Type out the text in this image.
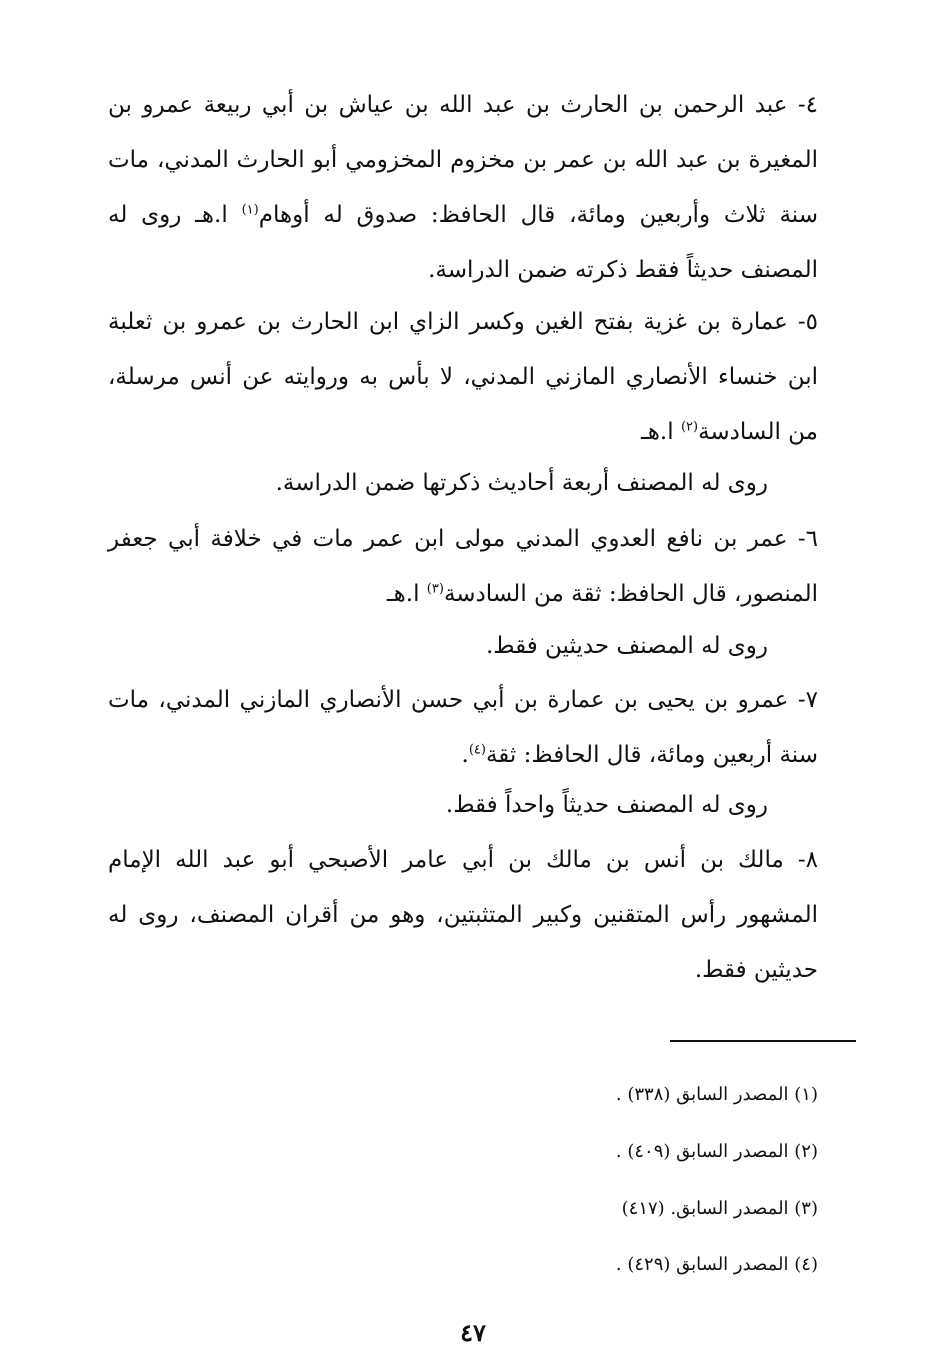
٤- عبد الرحمن بن الحارث بن عبد الله بن عياش بن أبي ربيعة عمرو بن المغيرة بن عبد الله بن عمر بن مخزوم المخزومي أبو الحارث المدني، مات سنة ثلاث وأربعين ومائة، قال الحافظ: صدوق له أوهام$^{(١)}$ ا.هـ روى له المصنف حديثاً فقط ذكرته ضمن الدراسة.
٥- عمارة بن غزية بفتح الغين وكسر الزاي ابن الحارث بن عمرو بن ثعلبة ابن خنساء الأنصاري المازني المدني، لا بأس به وروايته عن أنس مرسلة، من السادسة$^{(٢)}$ ا.هـ
روى له المصنف أربعة أحاديث ذكرتها ضمن الدراسة.
٦- عمر بن نافع العدوي المدني مولى ابن عمر مات في خلافة أبي جعفر المنصور، قال الحافظ: ثقة من السادسة$^{(٣)}$ ا.هـ
روى له المصنف حديثين فقط.
٧- عمرو بن يحيى بن عمارة بن أبي حسن الأنصاري المازني المدني، مات سنة أربعين ومائة، قال الحافظ: ثقة$^{(٤)}$.
روى له المصنف حديثاً واحداً فقط.
٨- مالك بن أنس بن مالك بن أبي عامر الأصبحي أبو عبد الله الإمام المشهور رأس المتقنين وكبير المتثبتين، وهو من أقران المصنف، روى له حديثين فقط.
(١) المصدر السابق (٣٣٨) .
(٢) المصدر السابق (٤٠٩) .
(٣) المصدر السابق. (٤١٧)
(٤) المصدر السابق (٤٢٩) .
٤٧
